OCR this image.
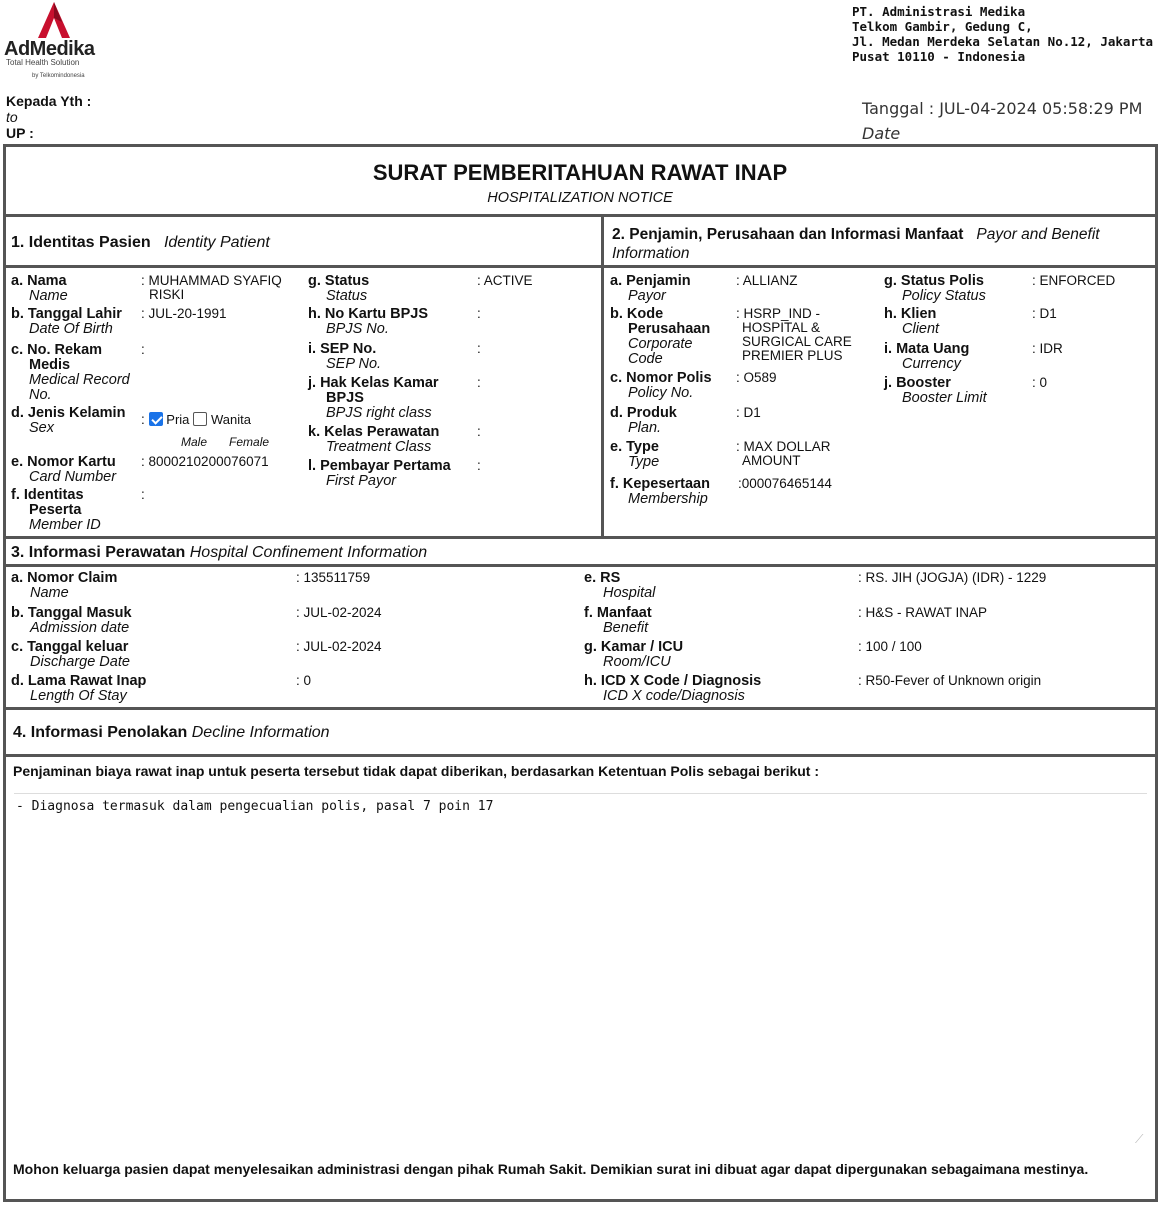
AdMedika
Total Health Solution
by Telkomindonesia
PT. Administrasi Medika
Telkom Gambir, Gedung C,
Jl. Medan Merdeka Selatan No.12, Jakarta
Pusat 10110 - Indonesia
Kepada Yth :
to
UP :
Tanggal : JUL-04-2024 05:58:29 PM
Date
SURAT PEMBERITAHUAN RAWAT INAP
HOSPITALIZATION NOTICE
1. Identitas Pasien Identity Patient	2. Penjamin, Perusahaan dan Informasi Manfaat Payor and Benefit Information
3. Informasi Perawatan Hospital Confinement Information
4. Informasi Penolakan Decline Information
a. Nama
Name
: MUHAMMAD SYAFIQ
RISKI
b. Tanggal Lahir
Date Of Birth
: JUL-20-1991
c. No. Rekam
Medis
Medical Record
No.
:
d. Jenis Kelamin
Sex
: Pria Wanita
Male Female
e. Nomor Kartu
Card Number
: 8000210200076071
f. Identitas
Peserta
Member ID
:
g. Status
Status
: ACTIVE
h. No Kartu BPJS
BPJS No.
:
i. SEP No.
SEP No.
:
j. Hak Kelas Kamar
BPJS
BPJS right class
:
k. Kelas Perawatan
Treatment Class
:
l. Pembayar Pertama
First Payor
:
a. Penjamin
Payor
: ALLIANZ
b. Kode
Perusahaan
Corporate
Code
: HSRP_IND -
HOSPITAL &
SURGICAL CARE
PREMIER PLUS
c. Nomor Polis
Policy No.
: O589
d. Produk
Plan.
: D1
e. Type
Type
: MAX DOLLAR
AMOUNT
f. Kepesertaan
Membership
:000076465144
g. Status Polis
Policy Status
: ENFORCED
h. Klien
Client
: D1
i. Mata Uang
Currency
: IDR
j. Booster
Booster Limit
: 0
a. Nomor Claim
Name
: 135511759
b. Tanggal Masuk
Admission date
: JUL-02-2024
c. Tanggal keluar
Discharge Date
: JUL-02-2024
d. Lama Rawat Inap
Length Of Stay
: 0
e. RS
Hospital
: RS. JIH (JOGJA) (IDR) - 1229
f. Manfaat
Benefit
: H&S - RAWAT INAP
g. Kamar / ICU
Room/ICU
: 100 / 100
h. ICD X Code / Diagnosis
ICD X code/Diagnosis
: R50-Fever of Unknown origin
Penjaminan biaya rawat inap untuk peserta tersebut tidak dapat diberikan, berdasarkan Ketentuan Polis sebagai berikut :
- Diagnosa termasuk dalam pengecualian polis, pasal 7 poin 17
⟋
Mohon keluarga pasien dapat menyelesaikan administrasi dengan pihak Rumah Sakit. Demikian surat ini dibuat agar dapat dipergunakan sebagaimana mestinya.
